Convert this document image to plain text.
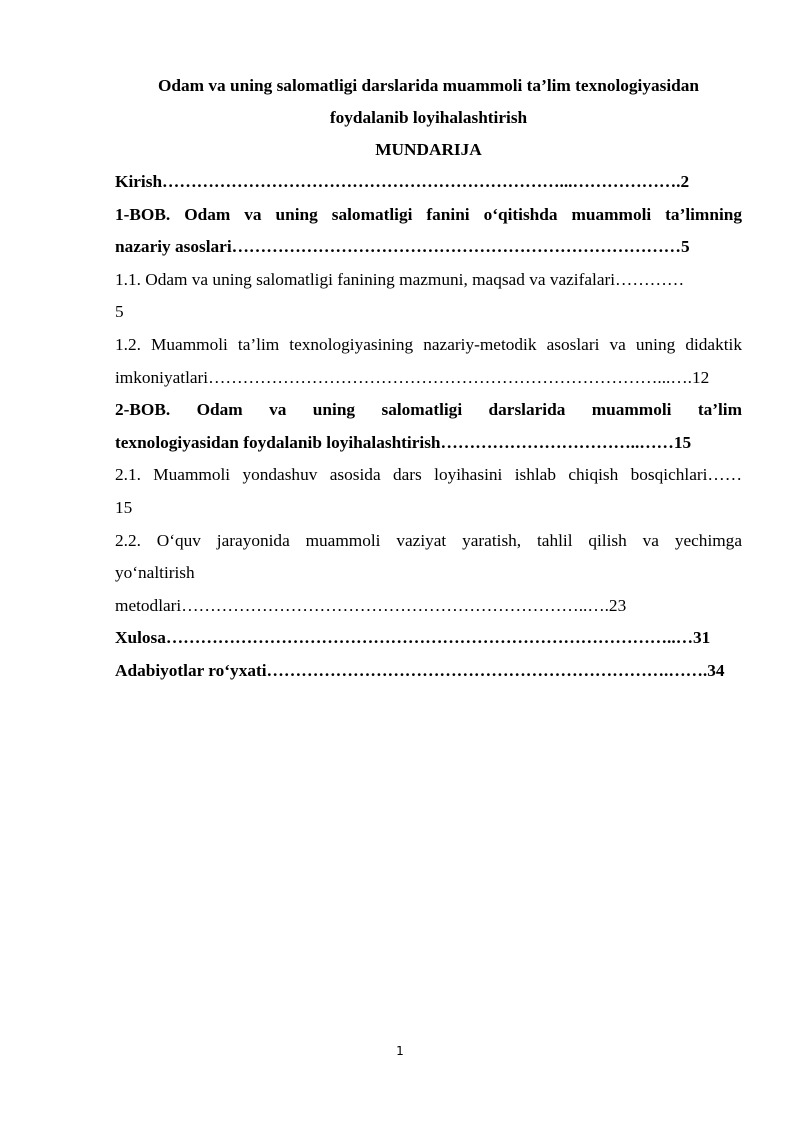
Odam va uning salomatligi darslarida muammoli ta’lim texnologiyasidan

foydalanib loyihalashtirish

MUNDARIJA

Kirish……………………………………………………………...……………….2

1-BOB. Odam va uning salomatligi fanini o‘qitishda muammoli ta’limning

nazariy asoslari……………………………………………………………………5

1.1. Odam va uning salomatligi fanining mazmuni, maqsad va vazifalari…………

5

1.2. Muammoli ta’lim texnologiyasining nazariy-metodik asoslari va uning didaktik

imkoniyatlari……………………………………………………………………...….12

2-BOB. Odam va uning salomatligi darslarida muammoli ta’lim

texnologiyasidan foydalanib loyihalashtirish……………………………..……15

2.1. Muammoli yondashuv asosida dars loyihasini ishlab chiqish bosqichlari……

15

2.2. O‘quv jarayonida muammoli vaziyat yaratish, tahlil qilish va yechimga

yo‘naltirish

metodlari……………………………………………………………..….23

Xulosa……………………………………………………………………………..…31

Adabiyotlar ro‘yxati…………………………………………………………….…….34

1
